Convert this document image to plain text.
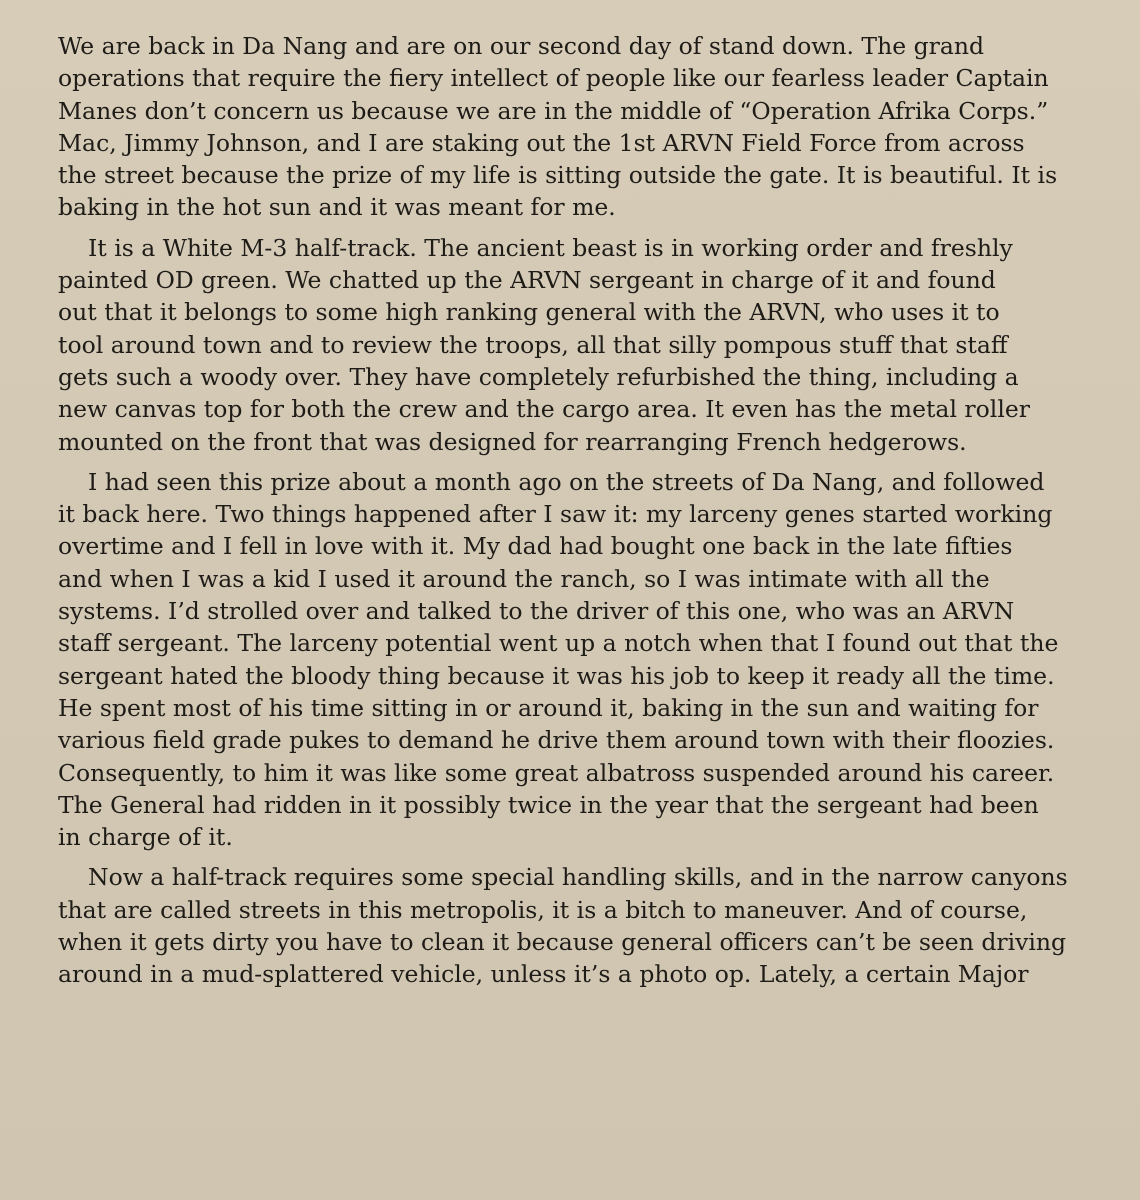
We are back in Da Nang and are on our second day of stand down. The grand
operations that require the fiery intellect of people like our fearless leader Captain
Manes don’t concern us because we are in the middle of “Operation Afrika Corps.”
Mac, Jimmy Johnson, and I are staking out the 1st ARVN Field Force from across
the street because the prize of my life is sitting outside the gate. It is beautiful. It is
baking in the hot sun and it was meant for me.
It is a White M-3 half-track. The ancient beast is in working order and freshly
painted OD green. We chatted up the ARVN sergeant in charge of it and found
out that it belongs to some high ranking general with the ARVN, who uses it to
tool around town and to review the troops, all that silly pompous stuff that staff
gets such a woody over. They have completely refurbished the thing, including a
new canvas top for both the crew and the cargo area. It even has the metal roller
mounted on the front that was designed for rearranging French hedgerows.
I had seen this prize about a month ago on the streets of Da Nang, and followed
it back here. Two things happened after I saw it: my larceny genes started working
overtime and I fell in love with it. My dad had bought one back in the late fifties
and when I was a kid I used it around the ranch, so I was intimate with all the
systems. I’d strolled over and talked to the driver of this one, who was an ARVN
staff sergeant. The larceny potential went up a notch when that I found out that the
sergeant hated the bloody thing because it was his job to keep it ready all the time.
He spent most of his time sitting in or around it, baking in the sun and waiting for
various field grade pukes to demand he drive them around town with their floozies.
Consequently, to him it was like some great albatross suspended around his career.
The General had ridden in it possibly twice in the year that the sergeant had been
in charge of it.
Now a half-track requires some special handling skills, and in the narrow canyons
that are called streets in this metropolis, it is a bitch to maneuver. And of course,
when it gets dirty you have to clean it because general officers can’t be seen driving
around in a mud-splattered vehicle, unless it’s a photo op. Lately, a certain Major
